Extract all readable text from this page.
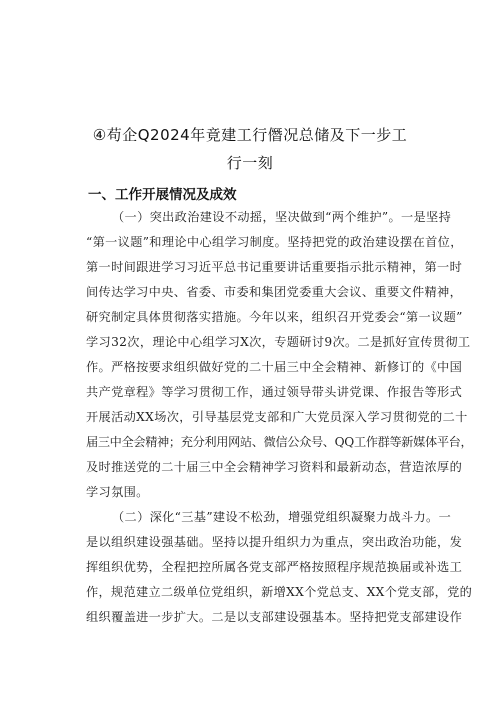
④苟企Q2024年竟建工行僭况总储及下一步工
行一刻
一、工作开展情况及成效
（一）突出政治建设不动摇，坚决做到“两个维护”。一是坚持
“第一议题”和理论中心组学习制度。坚持把党的政治建设摆在首位，
第一时间跟进学习习近平总书记重要讲话重要指示批示精神，第一时
间传达学习中央、省委、市委和集团党委重大会议、重要文件精神，
研究制定具体贯彻落实措施。今年以来，组织召开党委会“第一议题”
学习32次，理论中心组学习X次，专题研讨9次。二是抓好宣传贯彻工
作。严格按要求组织做好党的二十届三中全会精神、新修订的《中国
共产党章程》等学习贯彻工作，通过领导带头讲党课、作报告等形式
开展活动XX场次，引导基层党支部和广大党员深入学习贯彻党的二十
届三中全会精神；充分利用网站、微信公众号、QQ工作群等新媒体平台，
及时推送党的二十届三中全会精神学习资料和最新动态，营造浓厚的
学习氛围。
（二）深化“三基”建设不松劲，增强党组织凝聚力战斗力。一
是以组织建设强基础。坚持以提升组织力为重点，突出政治功能，发
挥组织优势，全程把控所属各党支部严格按照程序规范换届或补选工
作，规范建立二级单位党组织，新增XX个党总支、XX个党支部，党的
组织覆盖进一步扩大。二是以支部建设强基本。坚持把党支部建设作
